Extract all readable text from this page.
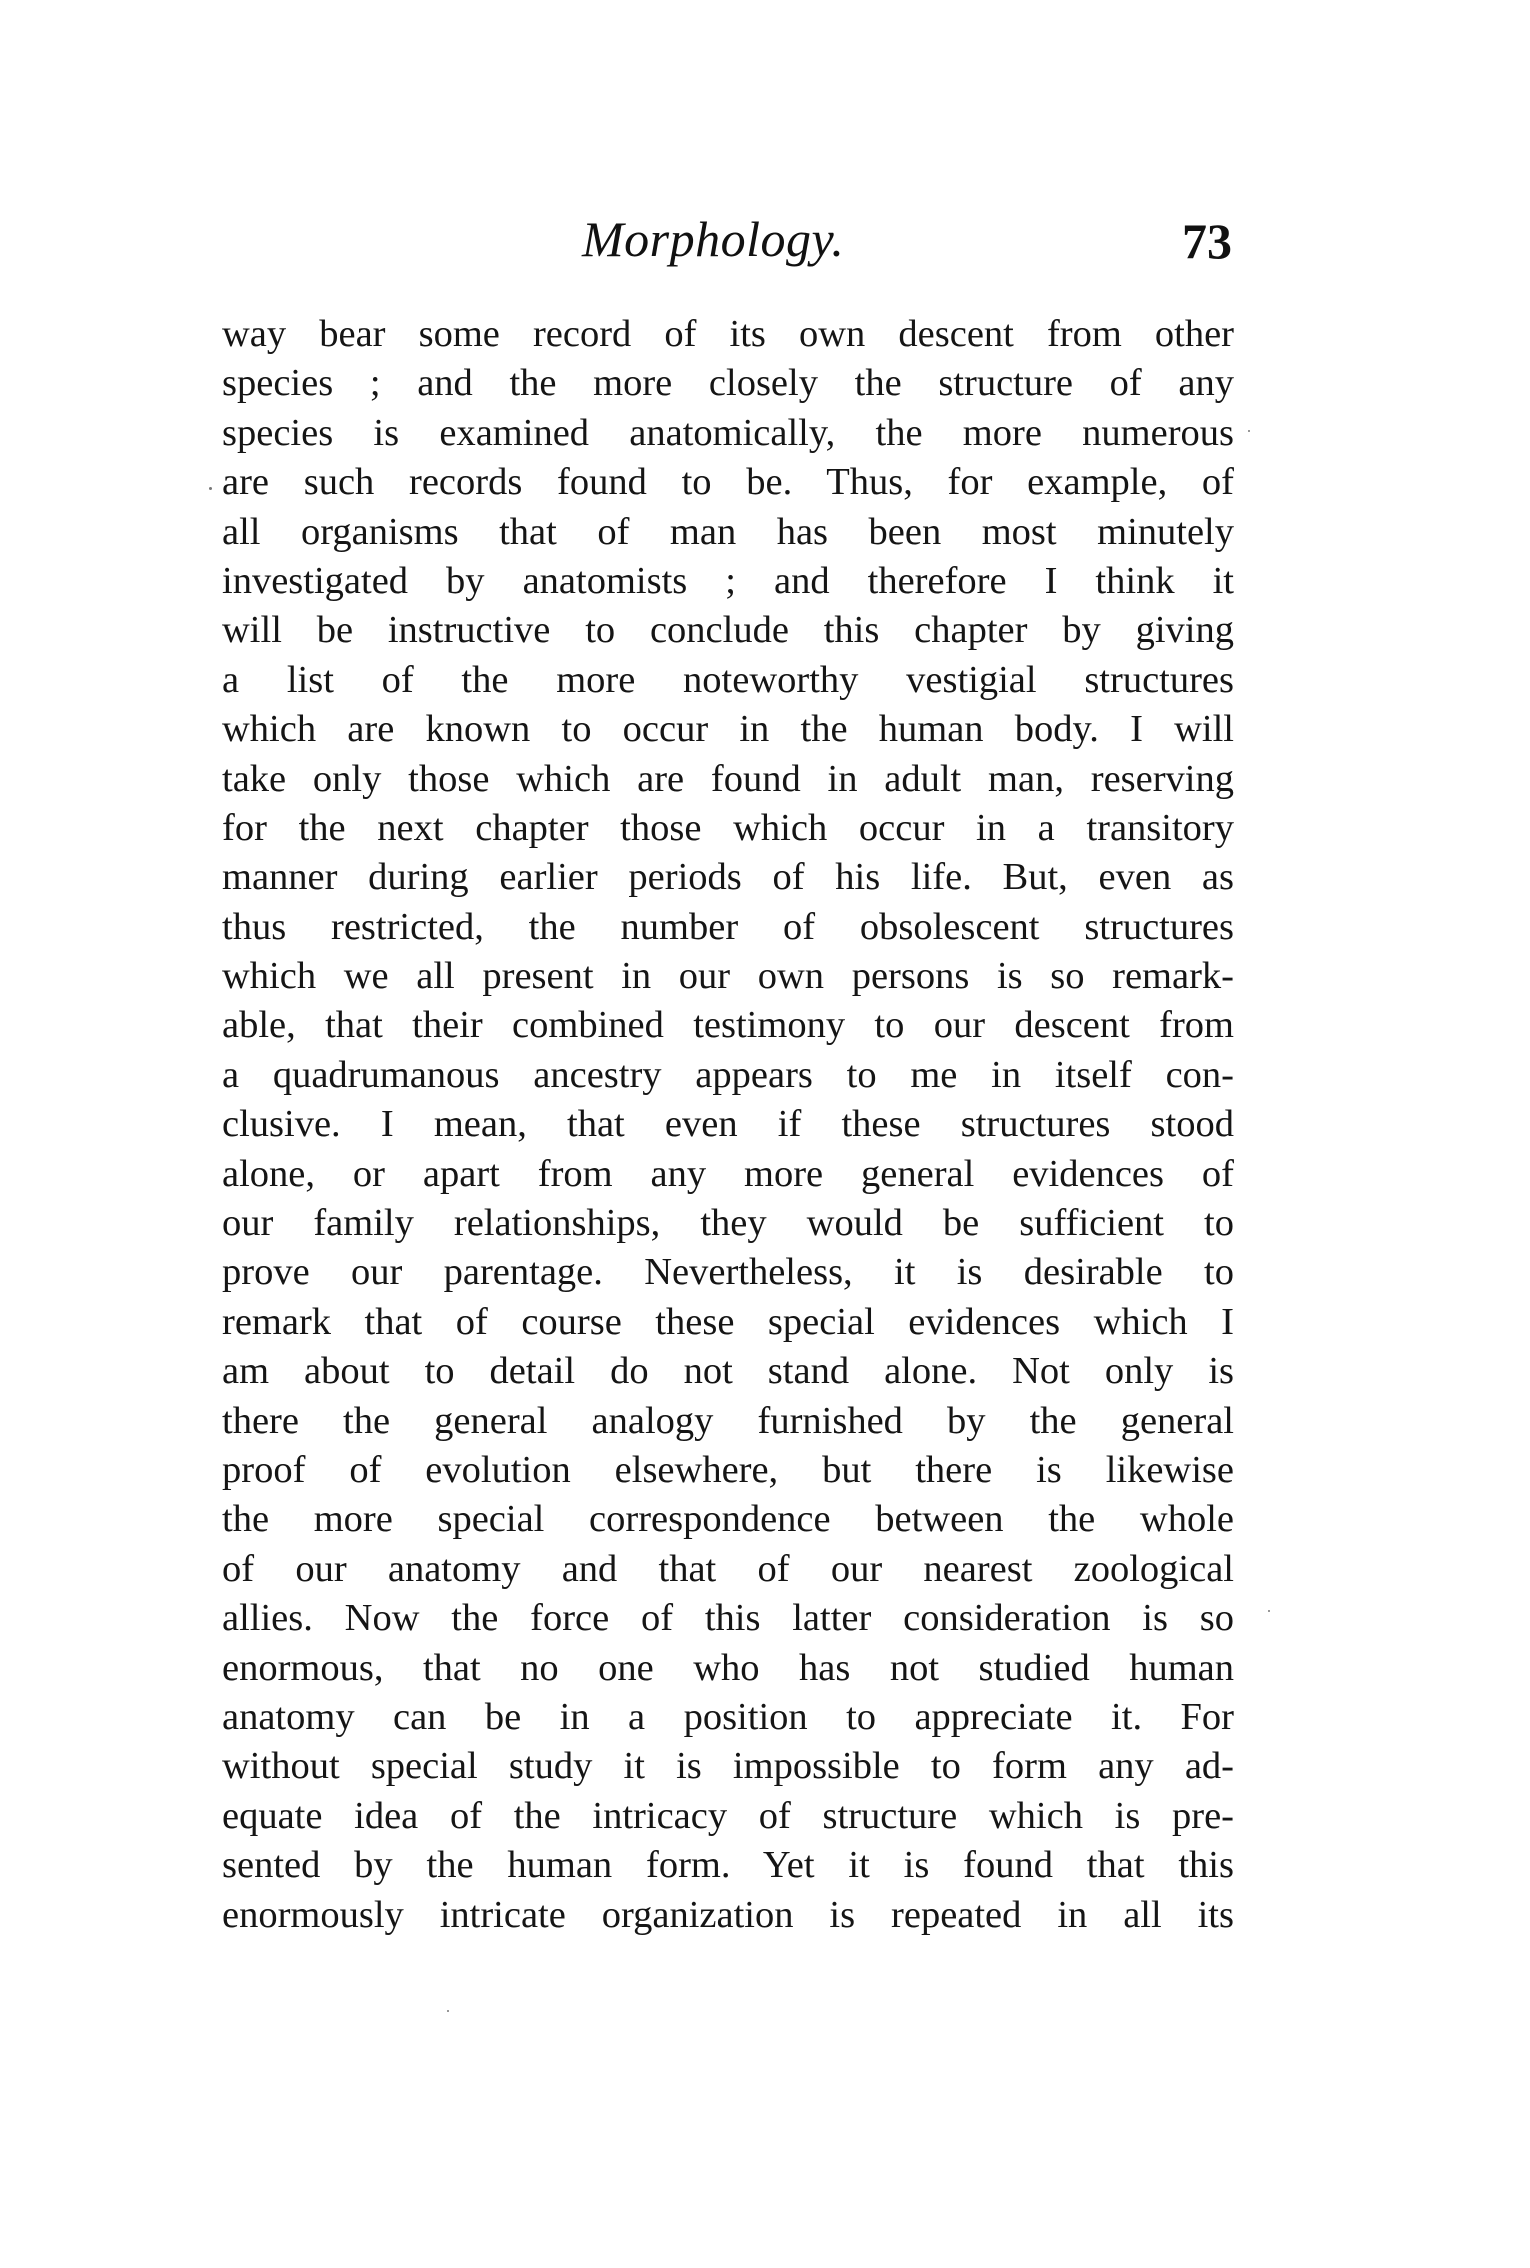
Morphology.	73
way bear some record of its own descent from other
species ; and the more closely the structure of any
species is examined anatomically, the more numerous
are such records found to be. Thus, for example, of
all organisms that of man has been most minutely
investigated by anatomists ; and therefore I think it
will be instructive to conclude this chapter by giving
a list of the more noteworthy vestigial structures
which are known to occur in the human body. I will
take only those which are found in adult man, reserving
for the next chapter those which occur in a transitory
manner during earlier periods of his life. But, even as
thus restricted, the number of obsolescent structures
which we all present in our own persons is so remark-
able, that their combined testimony to our descent from
a quadrumanous ancestry appears to me in itself con-
clusive. I mean, that even if these structures stood
alone, or apart from any more general evidences of
our family relationships, they would be sufficient to
prove our parentage. Nevertheless, it is desirable to
remark that of course these special evidences which I
am about to detail do not stand alone. Not only is
there the general analogy furnished by the general
proof of evolution elsewhere, but there is likewise
the more special correspondence between the whole
of our anatomy and that of our nearest zoological
allies. Now the force of this latter consideration is so
enormous, that no one who has not studied human
anatomy can be in a position to appreciate it. For
without special study it is impossible to form any ad-
equate idea of the intricacy of structure which is pre-
sented by the human form. Yet it is found that this
enormously intricate organization is repeated in all its
